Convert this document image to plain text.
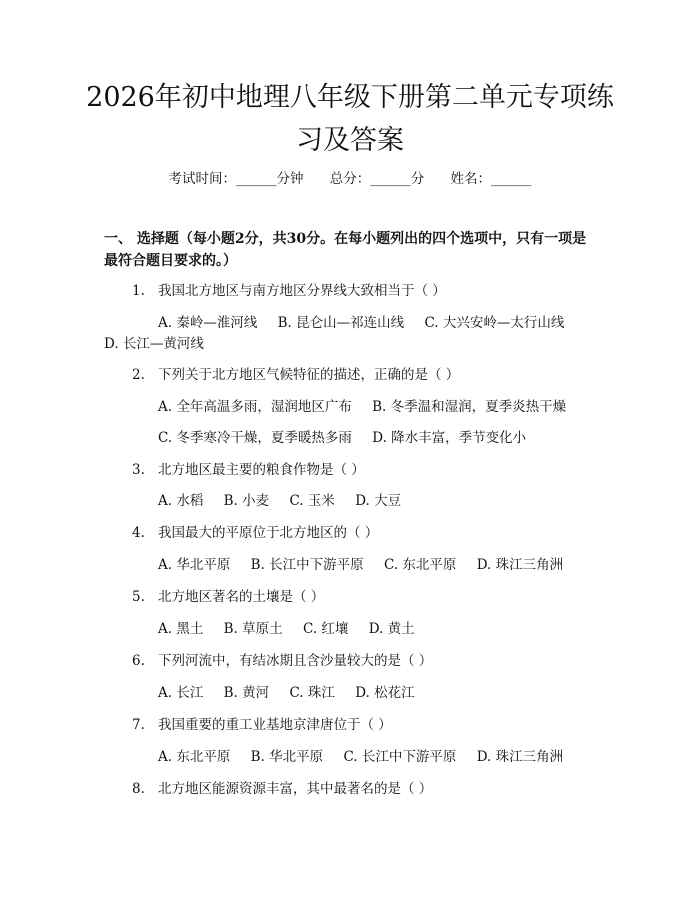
2026年初中地理八年级下册第二单元专项练
习及答案

考试时间：______分钟 总分：______分 姓名：______

一、 选择题（每小题2分，共30分。在每小题列出的四个选项中，只有一项是
最符合题目要求的。）

1. 我国北方地区与南方地区分界线大致相当于（ ）
A. 秦岭—淮河线 B. 昆仑山—祁连山线 C. 大兴安岭—太行山线
D. 长江—黄河线
2. 下列关于北方地区气候特征的描述，正确的是（ ）
A. 全年高温多雨，湿润地区广布 B. 冬季温和湿润，夏季炎热干燥
C. 冬季寒冷干燥，夏季暖热多雨 D. 降水丰富，季节变化小
3. 北方地区最主要的粮食作物是（ ）
A. 水稻 B. 小麦 C. 玉米 D. 大豆
4. 我国最大的平原位于北方地区的（ ）
A. 华北平原 B. 长江中下游平原 C. 东北平原 D. 珠江三角洲
5. 北方地区著名的土壤是（ ）
A. 黑土 B. 草原土 C. 红壤 D. 黄土
6. 下列河流中，有结冰期且含沙量较大的是（ ）
A. 长江 B. 黄河 C. 珠江 D. 松花江
7. 我国重要的重工业基地京津唐位于（ ）
A. 东北平原 B. 华北平原 C. 长江中下游平原 D. 珠江三角洲
8. 北方地区能源资源丰富，其中最著名的是（ ）
